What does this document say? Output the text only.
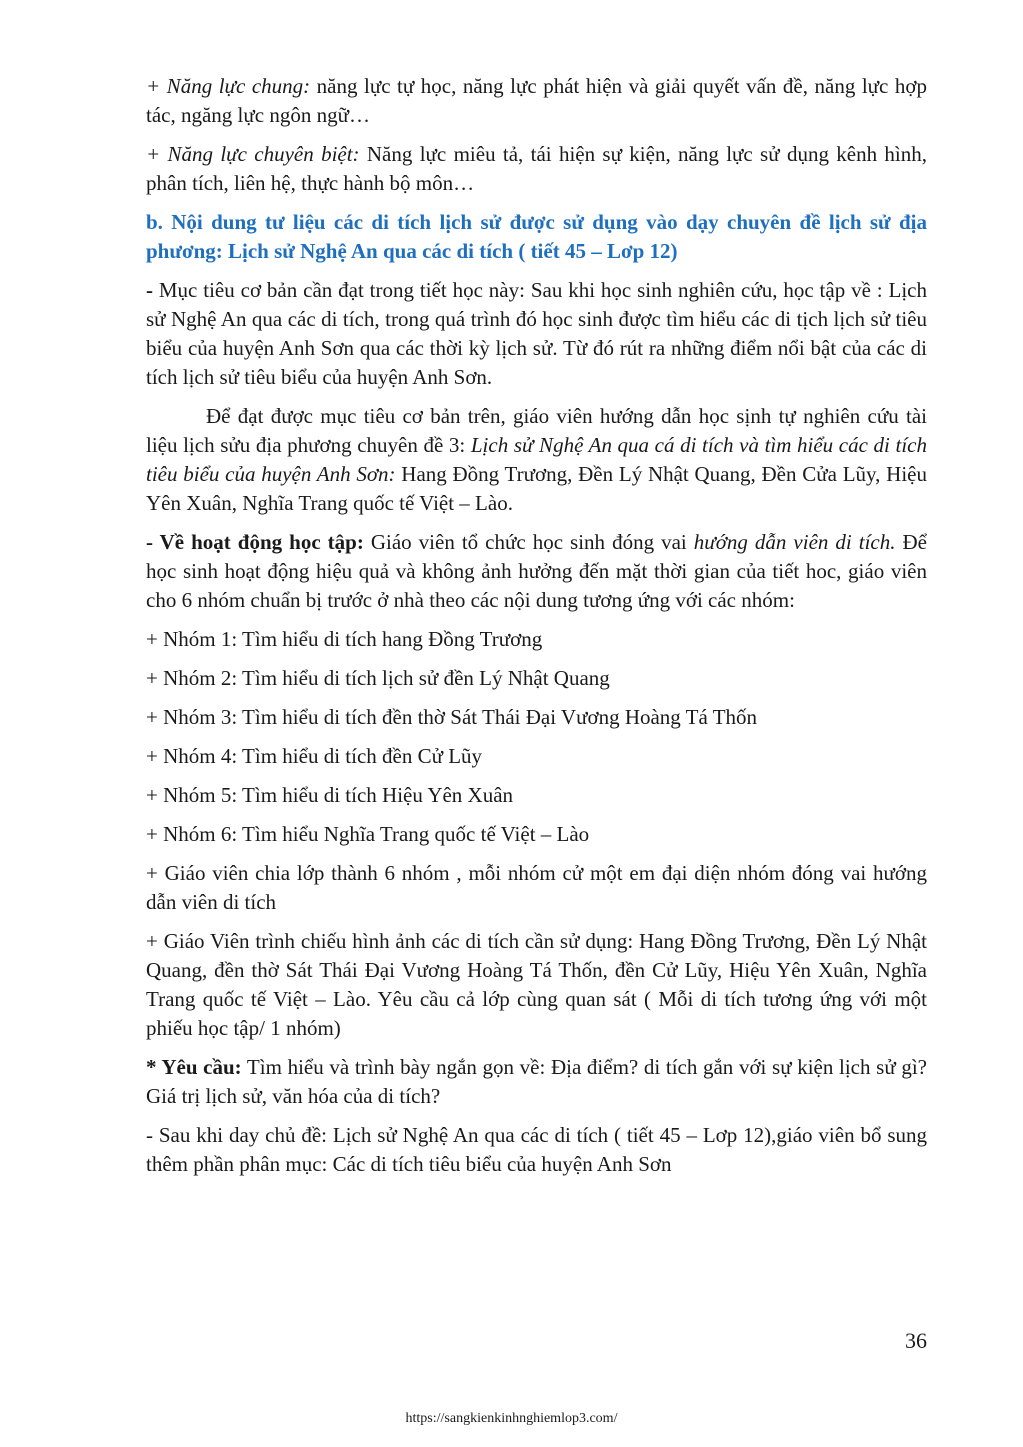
+ Năng lực chung: năng lực tự học, năng lực phát hiện và giải quyết vấn đề, năng lực hợp tác, ngăng lực ngôn ngữ…

+ Năng lực chuyên biệt: Năng lực miêu tả, tái hiện sự kiện, năng lực sử dụng kênh hình, phân tích, liên hệ, thực hành bộ môn…

b. Nội dung tư liệu các di tích lịch sử được sử dụng vào dạy chuyên đề lịch sử địa phương: Lịch sử Nghệ An qua các di tích ( tiết 45 – Lơp 12)

- Mục tiêu cơ bản cần đạt trong tiết học này: Sau khi học sinh nghiên cứu, học tập về : Lịch sử Nghệ An qua các di tích, trong quá trình đó học sinh được tìm hiểu các di tịch lịch sử tiêu biểu của huyện Anh Sơn qua các thời kỳ lịch sử. Từ đó rút ra những điểm nổi bật của các di tích lịch sử tiêu biểu của huyện Anh Sơn.

Để đạt được mục tiêu cơ bản trên, giáo viên hướng dẫn học sịnh tự nghiên cứu tài liệu lịch sửu địa phương chuyên đề 3: Lịch sử Nghệ An qua cá di tích và tìm hiểu các di tích tiêu biểu của huyện Anh Sơn: Hang Đồng Trương, Đền Lý Nhật Quang, Đền Cửa Lũy, Hiệu Yên Xuân, Nghĩa Trang quốc tế Việt – Lào.

- Về hoạt động học tập: Giáo viên tổ chức học sinh đóng vai hướng dẫn viên di tích. Để học sinh hoạt động hiệu quả và không ảnh hưởng đến mặt thời gian của tiết hoc, giáo viên cho 6 nhóm chuẩn bị trước ở nhà theo các nội dung tương ứng với các nhóm:

+ Nhóm 1: Tìm hiểu di tích hang Đồng Trương

+ Nhóm 2: Tìm hiểu di tích lịch sử đền Lý Nhật Quang

+ Nhóm 3: Tìm hiểu di tích đền thờ Sát Thái Đại Vương Hoàng Tá Thốn

+ Nhóm 4: Tìm hiểu di tích đền Cử Lũy

+ Nhóm 5: Tìm hiểu di tích Hiệu Yên Xuân

+ Nhóm 6: Tìm hiểu Nghĩa Trang quốc tế Việt – Lào

+ Giáo viên chia lớp thành 6 nhóm , mỗi nhóm cử một em đại diện nhóm đóng vai hướng dẫn viên di tích

+ Giáo Viên trình chiếu hình ảnh các di tích cần sử dụng: Hang Đồng Trương, Đền Lý Nhật Quang, đền thờ Sát Thái Đại Vương Hoàng Tá Thốn, đền Cử Lũy, Hiệu Yên Xuân, Nghĩa Trang quốc tế Việt – Lào. Yêu cầu cả lớp cùng quan sát ( Mỗi di tích tương ứng với một phiếu học tập/ 1 nhóm)

* Yêu cầu: Tìm hiểu và trình bày ngắn gọn về: Địa điểm? di tích gắn với sự kiện lịch sử gì? Giá trị lịch sử, văn hóa của di tích?

- Sau khi day chủ đề: Lịch sử Nghệ An qua các di tích ( tiết 45 – Lơp 12),giáo viên bổ sung thêm phần phân mục: Các di tích tiêu biểu của huyện Anh Sơn

36
https://sangkienkinhnghiemlop3.com/
